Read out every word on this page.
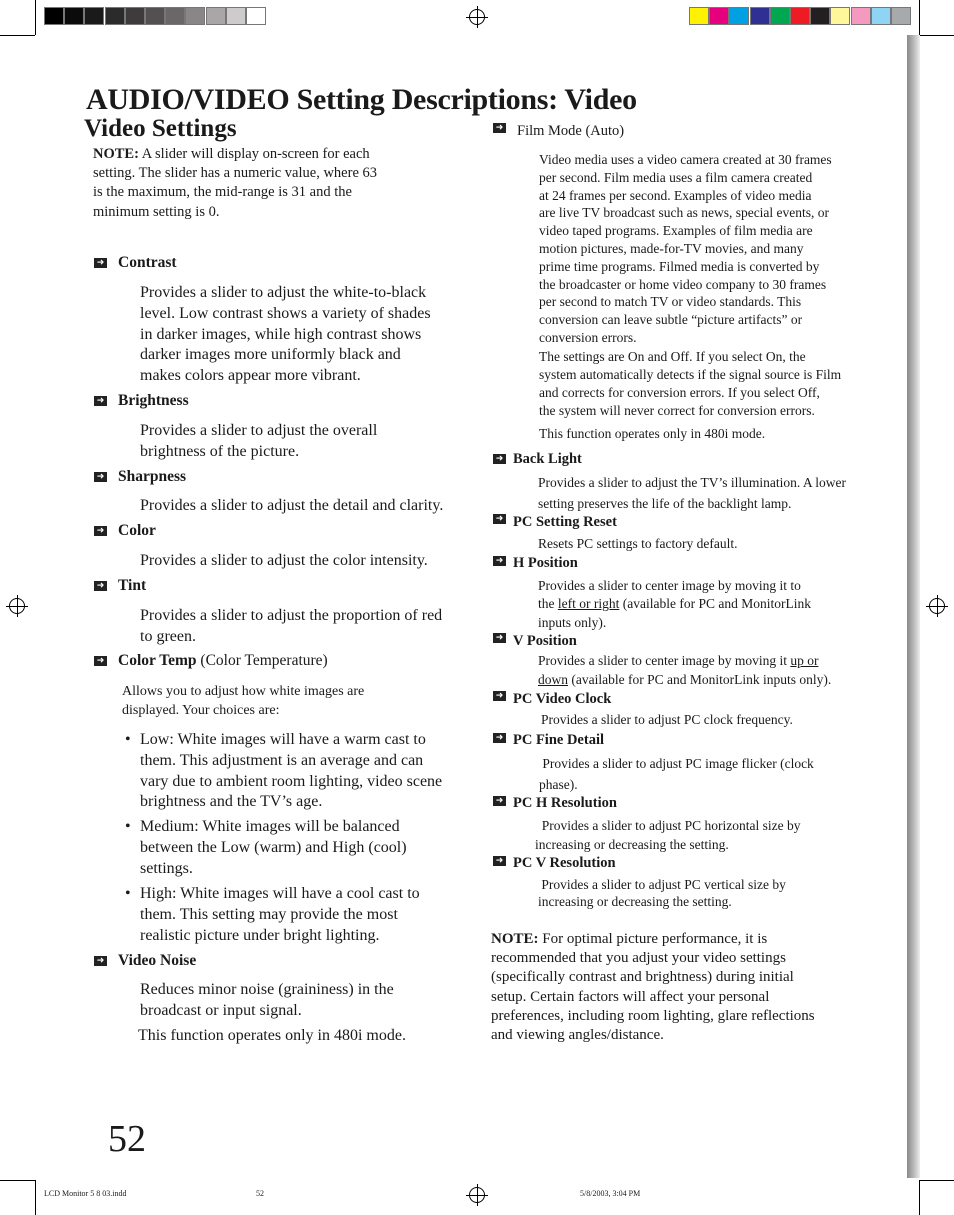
AUDIO/VIDEO Setting Descriptions: Video

Video Settings

NOTE: A slider will display on-screen for each
setting. The slider has a numeric value, where 63
is the maximum, the mid-range is 31 and the
minimum setting is 0.
➜ Contrast

Provides a slider to adjust the white-to-black
level. Low contrast shows a variety of shades
in darker images, while high contrast shows
darker images more uniformly black and
makes colors appear more vibrant.
➜ Brightness

Provides a slider to adjust the overall
brightness of the picture.
➜ Sharpness

Provides a slider to adjust the detail and clarity.
➜ Color

Provides a slider to adjust the color intensity.
➜ Tint

Provides a slider to adjust the proportion of red
to green.
➜ Color Temp (Color Temperature)

Allows you to adjust how white images are
displayed. Your choices are:
• Low: White images will have a warm cast to
them. This adjustment is an average and can
vary due to ambient room lighting, video scene
brightness and the TV’s age.
• Medium: White images will be balanced
between the Low (warm) and High (cool)
settings.
• High: White images will have a cool cast to
them. This setting may provide the most
realistic picture under bright lighting.
➜ Video Noise

Reduces minor noise (graininess) in the
broadcast or input signal.

This function operates only in 480i mode.

➜ Film Mode (Auto)

Video media uses a video camera created at 30 frames
per second. Film media uses a film camera created
at 24 frames per second. Examples of video media
are live TV broadcast such as news, special events, or
video taped programs. Examples of film media are
motion pictures, made-for-TV movies, and many
prime time programs. Filmed media is converted by
the broadcaster or home video company to 30 frames
per second to match TV or video standards. This
conversion can leave subtle “picture artifacts” or
conversion errors.
The settings are On and Off. If you select On, the
system automatically detects if the signal source is Film
and corrects for conversion errors. If you select Off,
the system will never correct for conversion errors.

This function operates only in 480i mode.

➜ Back Light

Provides a slider to adjust the TV’s illumination. A lower
setting preserves the life of the backlight lamp.
➜ PC Setting Reset

Resets PC settings to factory default.

➜ H Position

Provides a slider to center image by moving it to
the left or right (available for PC and MonitorLink
inputs only).
➜ V Position

Provides a slider to center image by moving it up or
down (available for PC and MonitorLink inputs only).
➜ PC Video Clock

Provides a slider to adjust PC clock frequency.

➜ PC Fine Detail

Provides a slider to adjust PC image flicker (clock
phase).
➜ PC H Resolution

Provides a slider to adjust PC horizontal size by
increasing or decreasing the setting.
➜ PC V Resolution

Provides a slider to adjust PC vertical size by
increasing or decreasing the setting.
NOTE: For optimal picture performance, it is
recommended that you adjust your video settings
(specifically contrast and brightness) during initial
setup. Certain factors will affect your personal
preferences, including room lighting, glare reflections
and viewing angles/distance.

52

LCD Monitor 5 8 03.indd	52	5/8/2003, 3:04 PM
